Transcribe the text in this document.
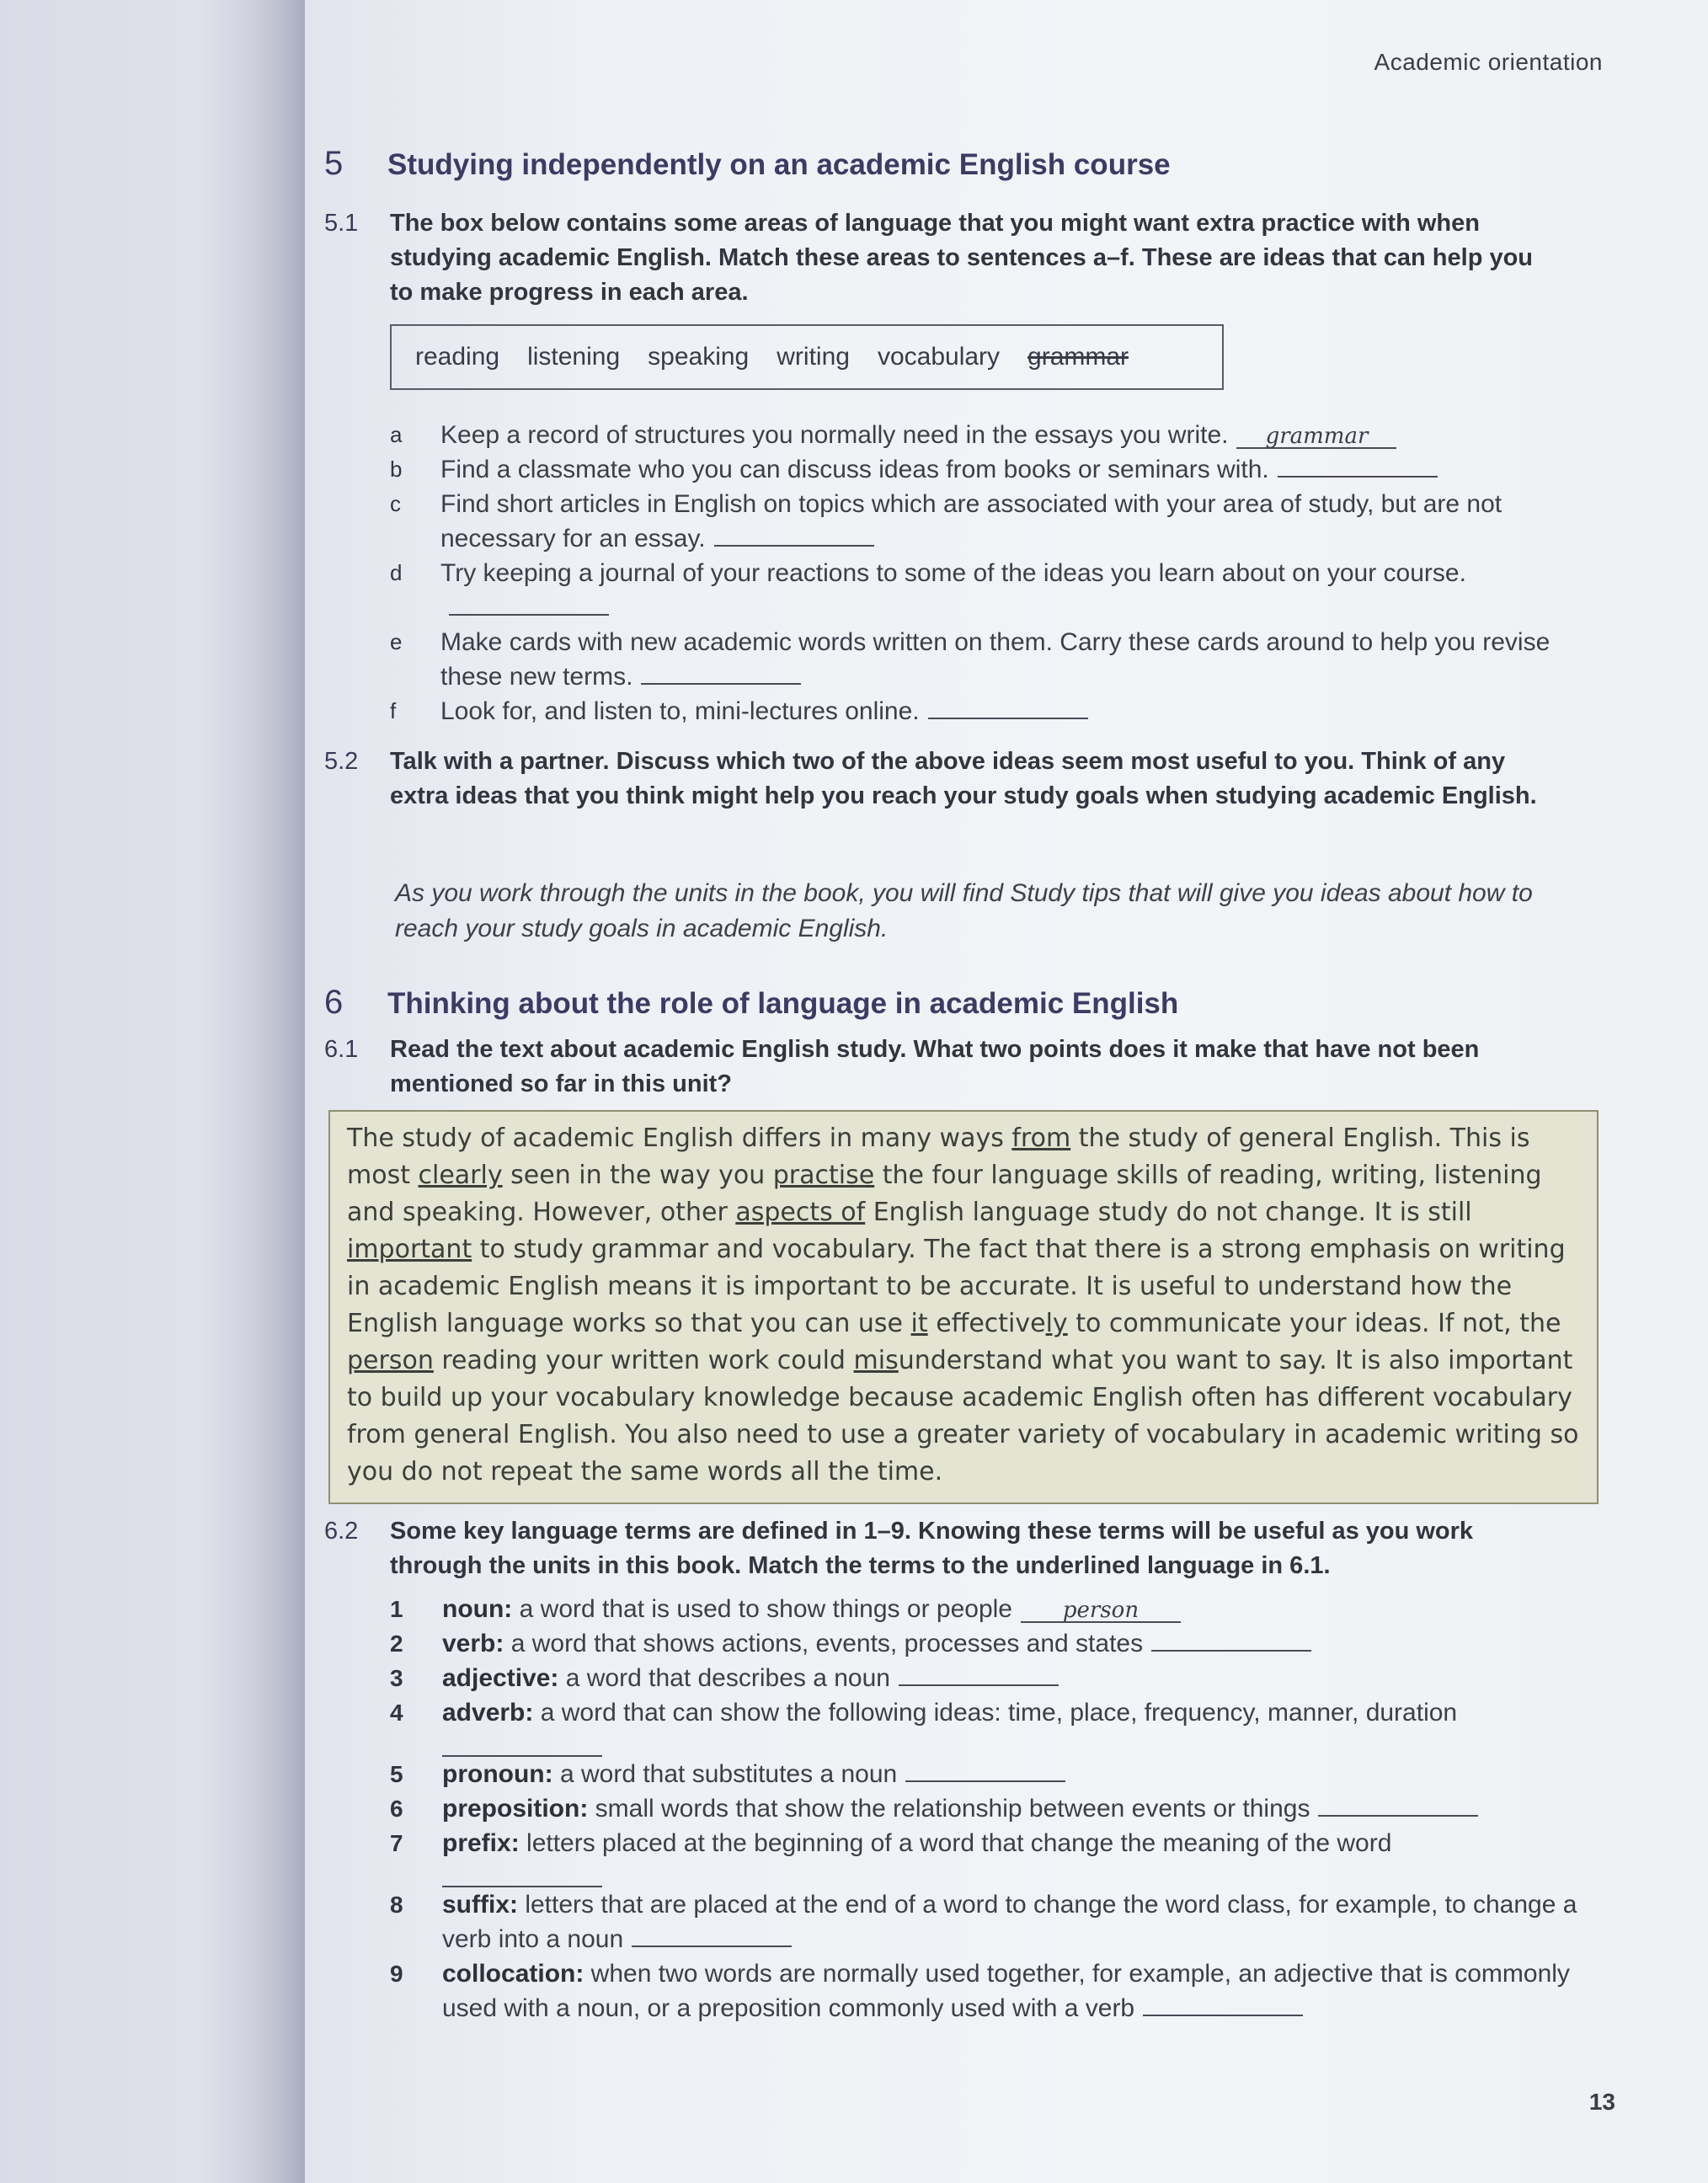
Academic orientation
5	Studying independently on an academic English course
5.1	The box below contains some areas of language that you might want extra practice with when studying academic English. Match these areas to sentences a–f. These are ideas that can help you to make progress in each area.
reading listening speaking writing vocabulary grammar
a	Keep a record of structures you normally need in the essays you write. grammar
b	Find a classmate who you can discuss ideas from books or seminars with.
c	Find short articles in English on topics which are associated with your area of study, but are not necessary for an essay.
d	Try keeping a journal of your reactions to some of the ideas you learn about on your course.
e	Make cards with new academic words written on them. Carry these cards around to help you revise these new terms.
f	Look for, and listen to, mini-lectures online.
5.2	Talk with a partner. Discuss which two of the above ideas seem most useful to you. Think of any extra ideas that you think might help you reach your study goals when studying academic English.
As you work through the units in the book, you will find Study tips that will give you ideas about how to reach your study goals in academic English.
6	Thinking about the role of language in academic English
6.1	Read the text about academic English study. What two points does it make that have not been mentioned so far in this unit?

The study of academic English differs in many ways from the study of general English. This is most clearly seen in the way you practise the four language skills of reading, writing, listening and speaking. However, other aspects of English language study do not change. It is still important to study grammar and vocabulary. The fact that there is a strong emphasis on writing in academic English means it is important to be accurate. It is useful to understand how the English language works so that you can use it effectively to communicate your ideas. If not, the person reading your written work could misunderstand what you want to say. It is also important to build up your vocabulary knowledge because academic English often has different vocabulary from general English. You also need to use a greater variety of vocabulary in academic writing so you do not repeat the same words all the time.

6.2	Some key language terms are defined in 1–9. Knowing these terms will be useful as you work through the units in this book. Match the terms to the underlined language in 6.1.
1	noun: a word that is used to show things or people person
2	verb: a word that shows actions, events, processes and states
3	adjective: a word that describes a noun
4	adverb: a word that can show the following ideas: time, place, frequency, manner, duration
5	pronoun: a word that substitutes a noun
6	preposition: small words that show the relationship between events or things
7	prefix: letters placed at the beginning of a word that change the meaning of the word
8	suffix: letters that are placed at the end of a word to change the word class, for example, to change a verb into a noun
9	collocation: when two words are normally used together, for example, an adjective that is commonly used with a noun, or a preposition commonly used with a verb
13
